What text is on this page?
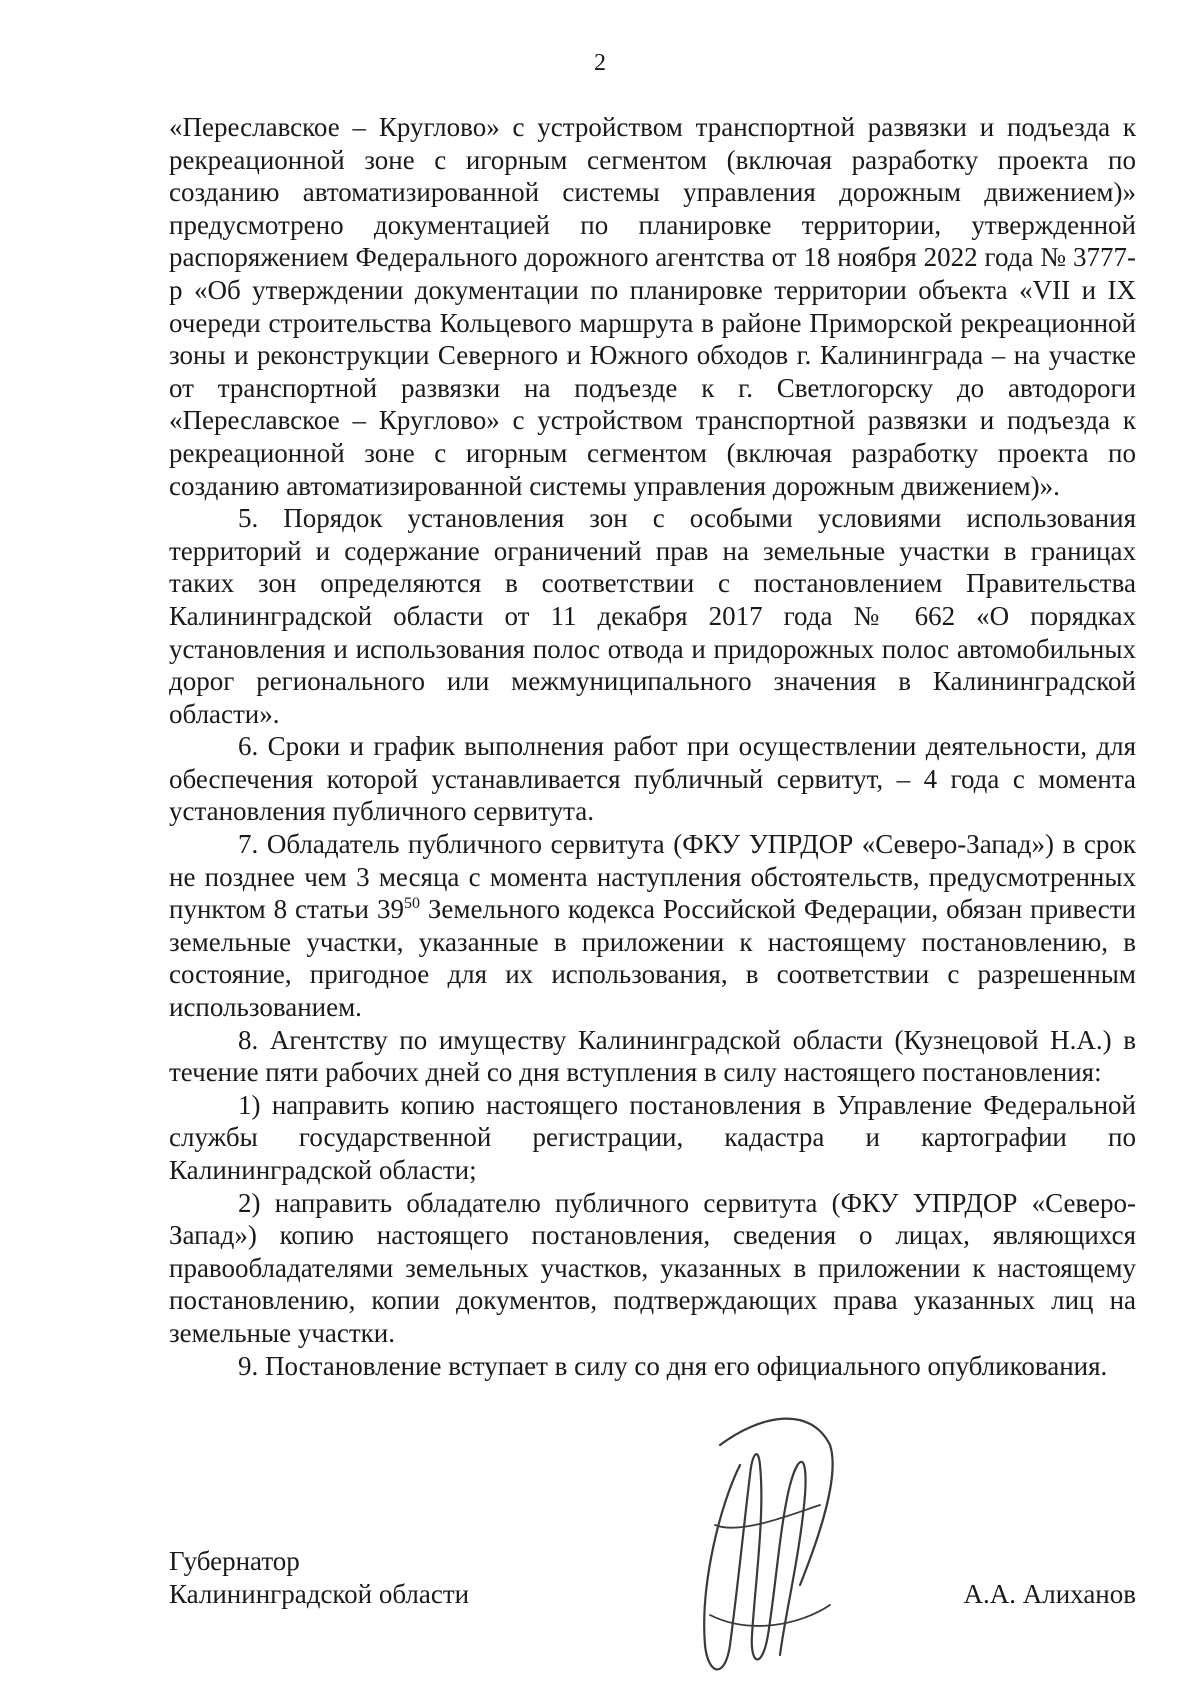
2

«Переславское – Круглово» с устройством транспортной развязки и подъезда к рекреационной зоне с игорным сегментом (включая разработку проекта по созданию автоматизированной системы управления дорожным движением)» предусмотрено документацией по планировке территории, утвержденной распоряжением Федерального дорожного агентства от 18 ноября 2022 года № 3777-р «Об утверждении документации по планировке территории объекта «VII и IX очереди строительства Кольцевого маршрута в районе Приморской рекреационной зоны и реконструкции Северного и Южного обходов г. Калининграда – на участке от транспортной развязки на подъезде к г. Светлогорску до автодороги «Переславское – Круглово» с устройством транспортной развязки и подъезда к рекреационной зоне с игорным сегментом (включая разработку проекта по созданию автоматизированной системы управления дорожным движением)».

5. Порядок установления зон с особыми условиями использования территорий и содержание ограничений прав на земельные участки в границах таких зон определяются в соответствии с постановлением Правительства Калининградской области от 11 декабря 2017 года № 662 «О порядках установления и использования полос отвода и придорожных полос автомобильных дорог регионального или межмуниципального значения в Калининградской области».

6. Сроки и график выполнения работ при осуществлении деятельности, для обеспечения которой устанавливается публичный сервитут, – 4 года с момента установления публичного сервитута.

7. Обладатель публичного сервитута (ФКУ УПРДОР «Северо-Запад») в срок не позднее чем 3 месяца с момента наступления обстоятельств, предусмотренных пунктом 8 статьи $39^{50}$ Земельного кодекса Российской Федерации, обязан привести земельные участки, указанные в приложении к настоящему постановлению, в состояние, пригодное для их использования, в соответствии с разрешенным использованием.

8. Агентству по имуществу Калининградской области (Кузнецовой Н.А.) в течение пяти рабочих дней со дня вступления в силу настоящего постановления:

1) направить копию настоящего постановления в Управление Федеральной службы государственной регистрации, кадастра и картографии по Калининградской области;

2) направить обладателю публичного сервитута (ФКУ УПРДОР «Северо-Запад») копию настоящего постановления, сведения о лицах, являющихся правообладателями земельных участков, указанных в приложении к настоящему постановлению, копии документов, подтверждающих права указанных лиц на земельные участки.

9. Постановление вступает в силу со дня его официального опубликования.

Губернатор
Калининградской области	А.А. Алиханов
